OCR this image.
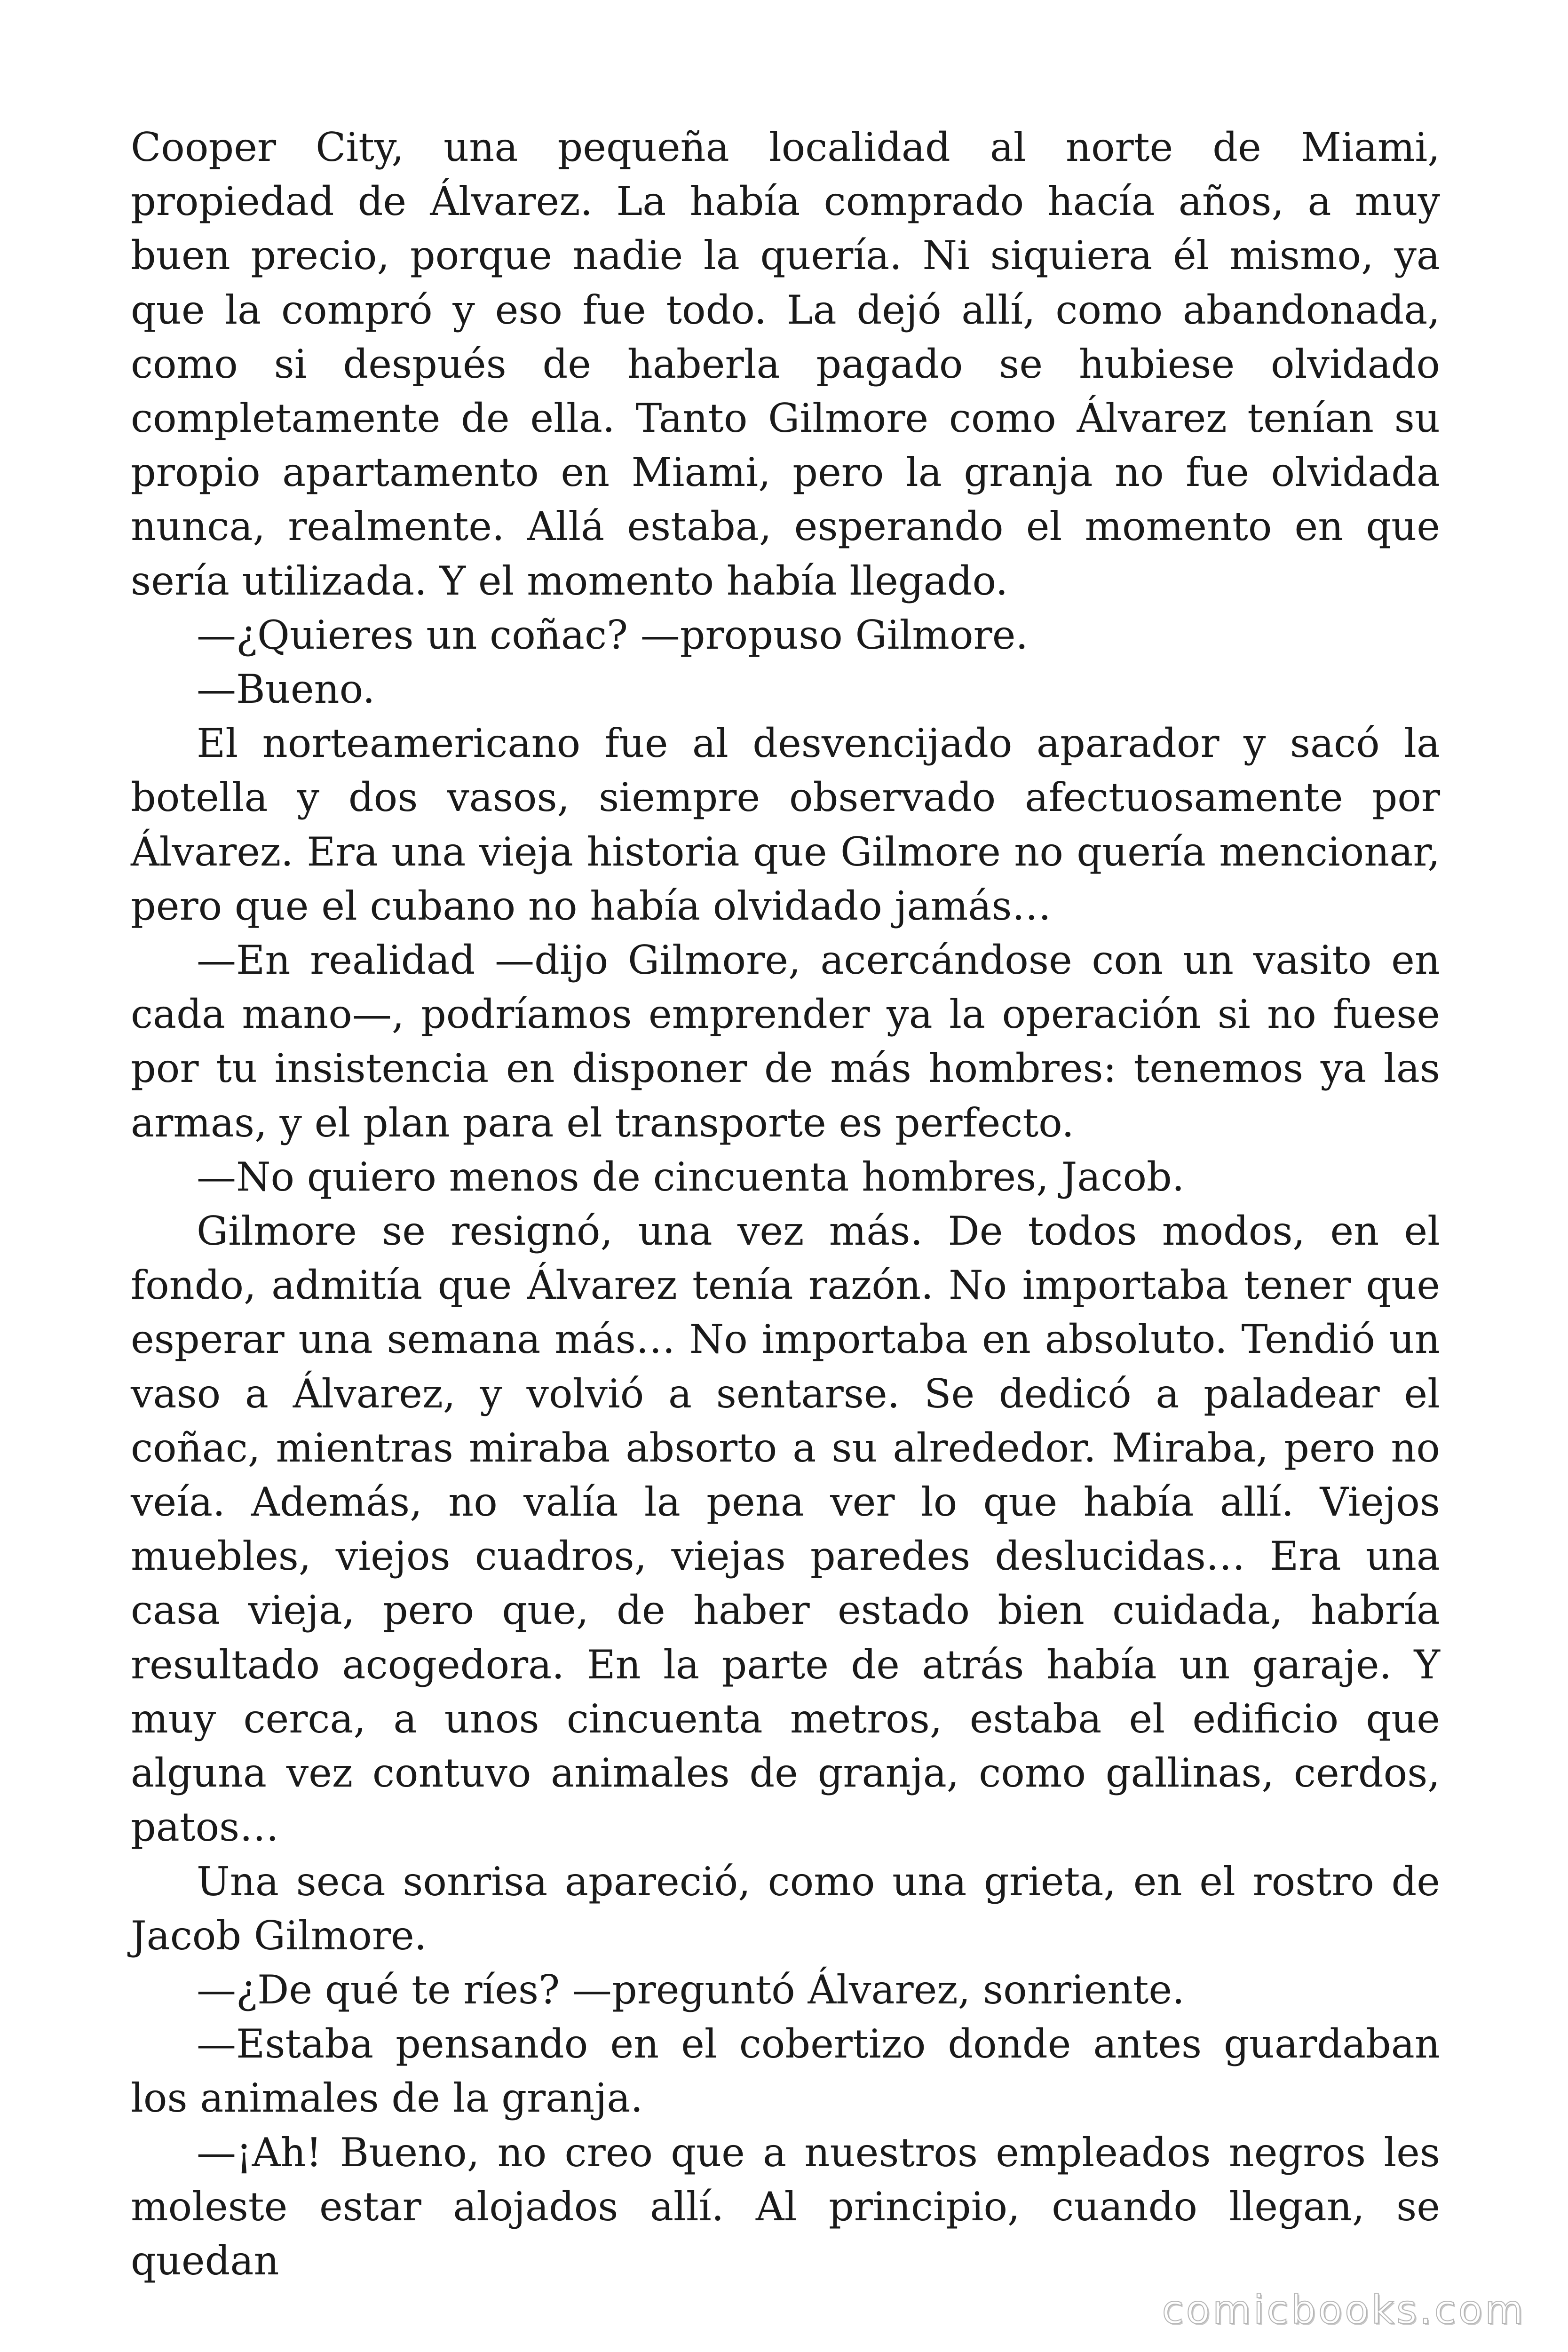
Cooper City, una pequeña localidad al norte de Miami, propiedad de Álvarez. La había comprado hacía años, a muy buen precio, porque nadie la quería. Ni siquiera él mismo, ya que la compró y eso fue todo. La dejó allí, como abandonada, como si después de haberla pagado se hubiese olvidado completamente de ella. Tanto Gilmore como Álvarez tenían su propio apartamento en Miami, pero la granja no fue olvidada nunca, realmente. Allá estaba, esperando el momento en que sería utilizada. Y el momento había llegado.

—¿Quieres un coñac? —propuso Gilmore.

—Bueno.

El norteamericano fue al desvencijado aparador y sacó la botella y dos vasos, siempre observado afectuosamente por Álvarez. Era una vieja historia que Gilmore no quería mencionar, pero que el cubano no había olvidado jamás…

—En realidad —dijo Gilmore, acercándose con un vasito en cada mano—, podríamos emprender ya la operación si no fuese por tu insistencia en disponer de más hombres: tenemos ya las armas, y el plan para el transporte es perfecto.

—No quiero menos de cincuenta hombres, Jacob.

Gilmore se resignó, una vez más. De todos modos, en el fondo, admitía que Álvarez tenía razón. No importaba tener que esperar una semana más… No importaba en absoluto. Tendió un vaso a Álvarez, y volvió a sentarse. Se dedicó a paladear el coñac, mientras miraba absorto a su alrededor. Miraba, pero no veía. Además, no valía la pena ver lo que había allí. Viejos muebles, viejos cuadros, viejas paredes deslucidas… Era una casa vieja, pero que, de haber estado bien cuidada, habría resultado acogedora. En la parte de atrás había un garaje. Y muy cerca, a unos cincuenta metros, estaba el edificio que alguna vez contuvo animales de granja, como gallinas, cerdos, patos…

Una seca sonrisa apareció, como una grieta, en el rostro de Jacob Gilmore.

—¿De qué te ríes? —preguntó Álvarez, sonriente.

—Estaba pensando en el cobertizo donde antes guardaban los animales de la granja.

—¡Ah! Bueno, no creo que a nuestros empleados negros les moleste estar alojados allí. Al principio, cuando llegan, se quedan

comicbooks.com
